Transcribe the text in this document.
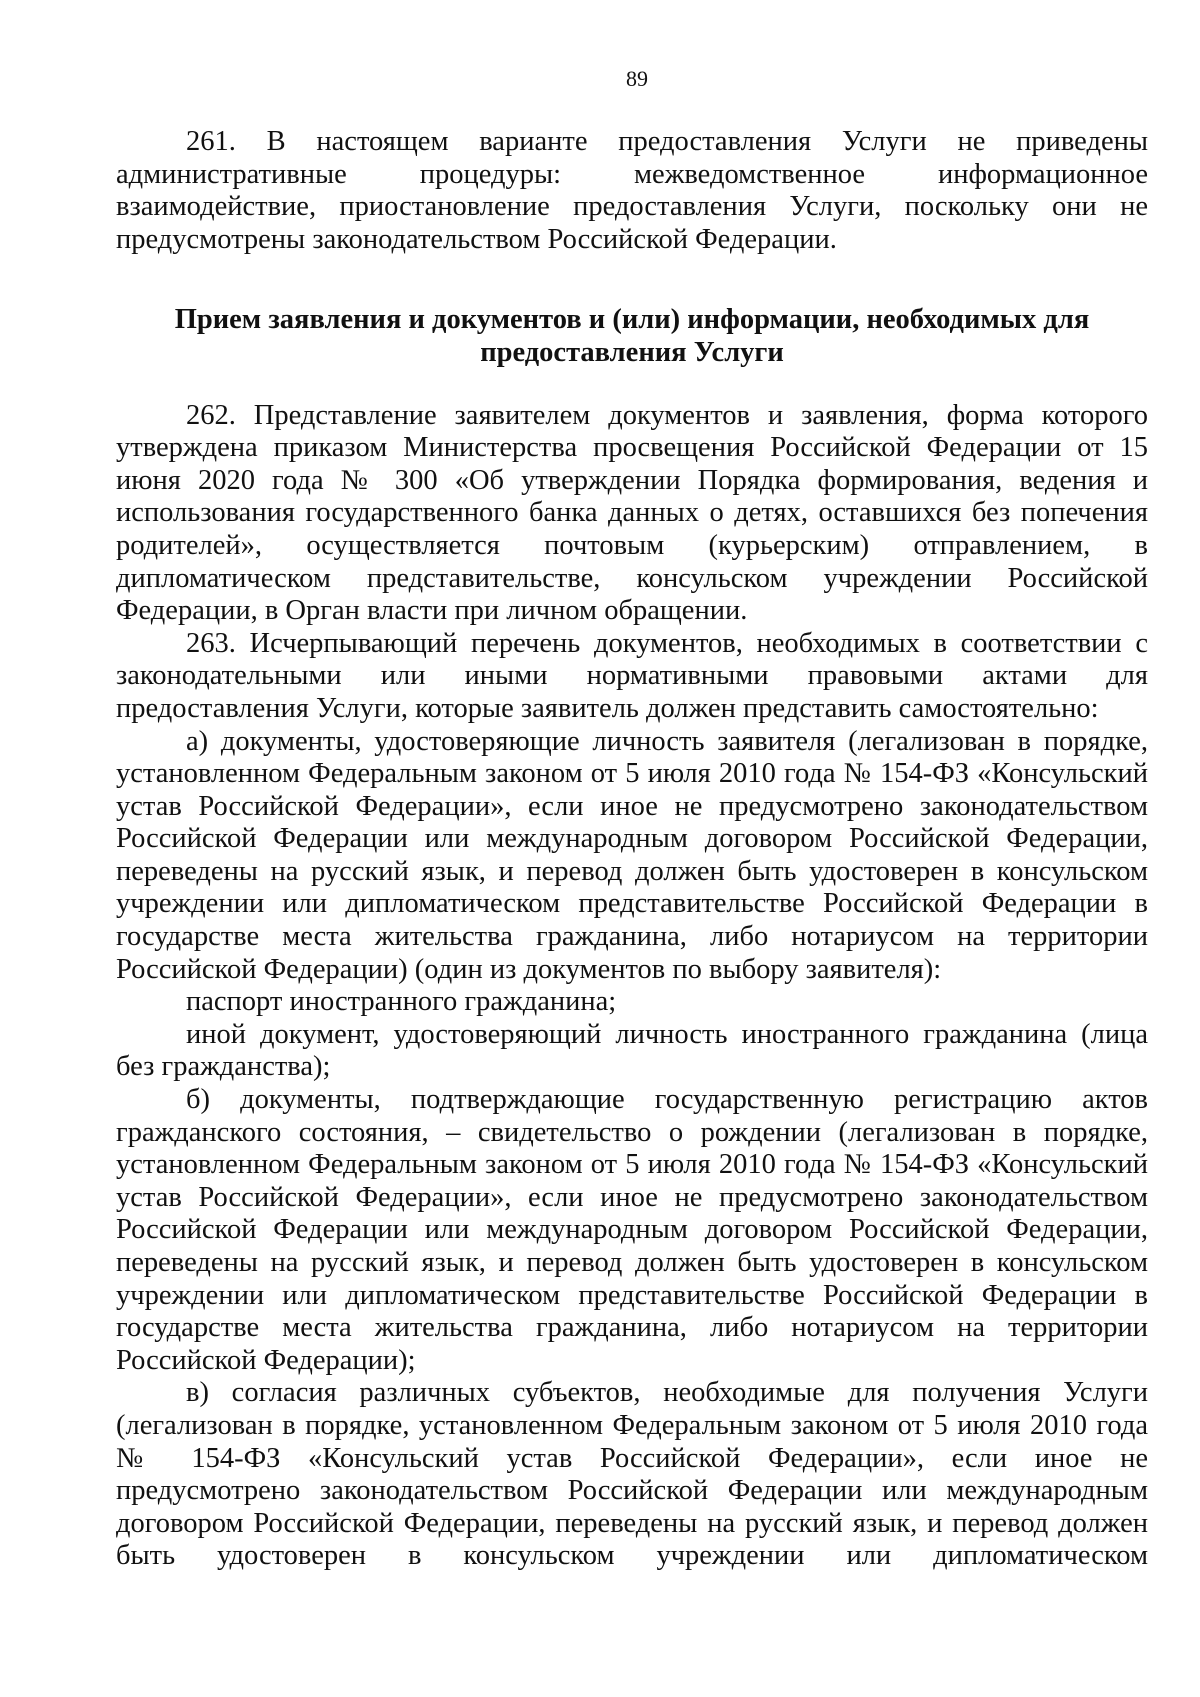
89

261. В настоящем варианте предоставления Услуги не приведены административные процедуры: межведомственное информационное взаимодействие, приостановление предоставления Услуги, поскольку они не предусмотрены законодательством Российской Федерации.

Прием заявления и документов и (или) информации, необходимых для предоставления Услуги

262. Представление заявителем документов и заявления, форма которого утверждена приказом Министерства просвещения Российской Федерации от 15 июня 2020 года № 300 «Об утверждении Порядка формирования, ведения и использования государственного банка данных о детях, оставшихся без попечения родителей», осуществляется почтовым (курьерским) отправлением, в дипломатическом представительстве, консульском учреждении Российской Федерации, в Орган власти при личном обращении.

263. Исчерпывающий перечень документов, необходимых в соответствии с законодательными или иными нормативными правовыми актами для предоставления Услуги, которые заявитель должен представить самостоятельно:

а) документы, удостоверяющие личность заявителя (легализован в порядке, установленном Федеральным законом от 5 июля 2010 года № 154-ФЗ «Консульский устав Российской Федерации», если иное не предусмотрено законодательством Российской Федерации или международным договором Российской Федерации, переведены на русский язык, и перевод должен быть удостоверен в консульском учреждении или дипломатическом представительстве Российской Федерации в государстве места жительства гражданина, либо нотариусом на территории Российской Федерации) (один из документов по выбору заявителя):

паспорт иностранного гражданина;

иной документ, удостоверяющий личность иностранного гражданина (лица без гражданства);

б) документы, подтверждающие государственную регистрацию актов гражданского состояния, – свидетельство о рождении (легализован в порядке, установленном Федеральным законом от 5 июля 2010 года № 154-ФЗ «Консульский устав Российской Федерации», если иное не предусмотрено законодательством Российской Федерации или международным договором Российской Федерации, переведены на русский язык, и перевод должен быть удостоверен в консульском учреждении или дипломатическом представительстве Российской Федерации в государстве места жительства гражданина, либо нотариусом на территории Российской Федерации);

в) согласия различных субъектов, необходимые для получения Услуги (легализован в порядке, установленном Федеральным законом от 5 июля 2010 года № 154-ФЗ «Консульский устав Российской Федерации», если иное не предусмотрено законодательством Российской Федерации или международным договором Российской Федерации, переведены на русский язык, и перевод должен быть удостоверен в консульском учреждении или дипломатическом
